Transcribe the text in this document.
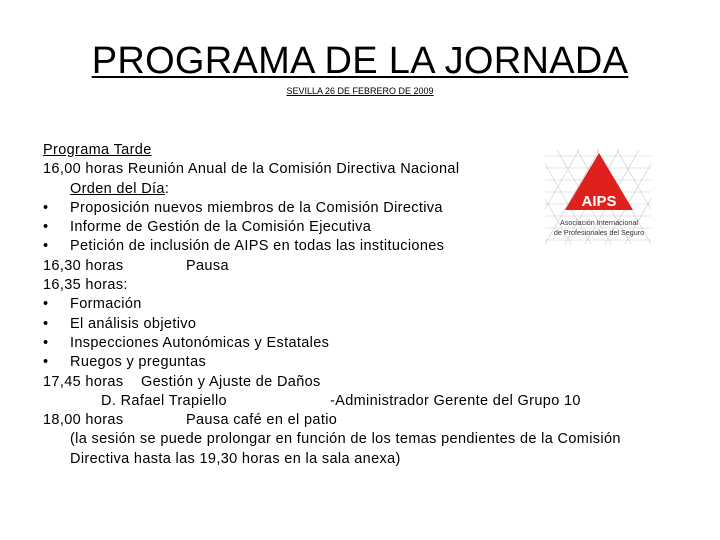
PROGRAMA DE LA JORNADA
SEVILLA 26 DE FEBRERO DE 2009
Programa Tarde
16,00 horas Reunión Anual de la Comisión Directiva Nacional
Orden del Día:
• Proposición nuevos miembros de la Comisión Directiva
• Informe de Gestión de la Comisión Ejecutiva
• Petición de inclusión de AIPS en todas las instituciones
16,30 horas	Pausa
16,35 horas:
• Formación
• El análisis objetivo
• Inspecciones Autonómicas y Estatales
• Ruegos y preguntas
17,45 horas Gestión y Ajuste de Daños
D. Rafael Trapiello	-Administrador Gerente del Grupo 10
18,00 horas	Pausa café en el patio
(la sesión se puede prolongar en función de los temas pendientes de la Comisión Directiva hasta las 19,30 horas en la sala anexa)
AIPS
Asociación Internacional
de Profesionales del Seguro
